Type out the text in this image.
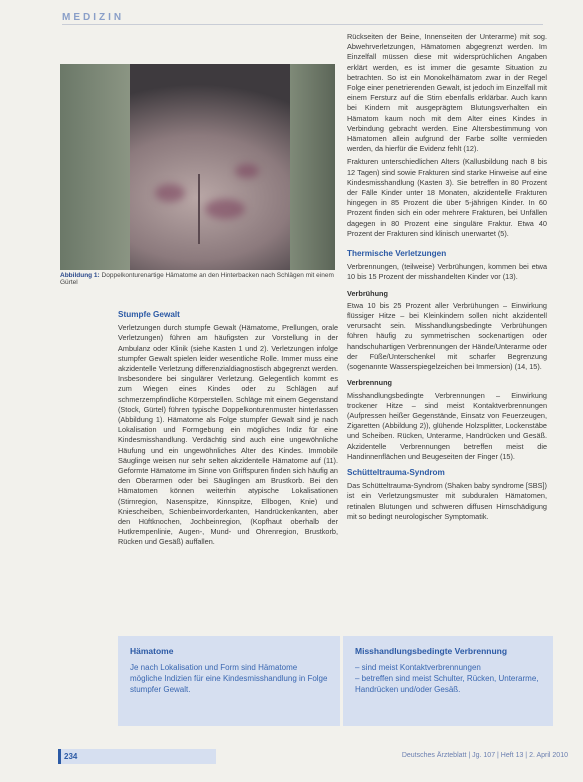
MEDIZIN
Abbildung 1: Doppelkonturenartige Hämatome an den Hinterbacken nach Schlägen mit einem Gürtel
Stumpfe Gewalt

Verletzungen durch stumpfe Gewalt (Hämatome, Prellungen, orale Verletzungen) führen am häufigsten zur Vorstellung in der Ambulanz oder Klinik (siehe Kasten 1 und 2). Verletzungen infolge stumpfer Gewalt spielen leider wesentliche Rolle. Immer muss eine akzidentelle Verletzung differenzialdiagnostisch abgegrenzt werden. Insbesondere bei singulärer Verletzung. Gelegentlich kommt es zum Wiegen eines Kindes oder zu Schlägen auf schmerzempfindliche Körperstellen. Schläge mit einem Gegenstand (Stock, Gürtel) führen typische Doppelkonturenmuster hinterlassen (Abbildung 1). Hämatome als Folge stumpfer Gewalt sind je nach Lokalisation und Formgebung ein mögliches Indiz für eine Kindesmisshandlung. Verdächtig sind auch eine ungewöhnliche Häufung und ein ungewöhnliches Alter des Kindes. Immobile Säuglinge weisen nur sehr selten akzidentelle Hämatome auf (11). Geformte Hämatome im Sinne von Griffspuren finden sich häufig an den Oberarmen oder bei Säuglingen am Brustkorb. Bei den Hämatomen können weiterhin atypische Lokalisationen (Stirnregion, Nasenspitze, Kinnspitze, Ellbogen, Knie) und Kniescheiben, Schienbeinvorderkanten, Handrückenkanten, aber den Hüftknochen, Jochbeinregion, (Kopfhaut oberhalb der Hutkrempenlinie, Augen-, Mund- und Ohrenregion, Brustkorb, Rücken und Gesäß) auffallen.

Rückseiten der Beine, Innenseiten der Unterarme) mit sog. Abwehrverletzungen, Hämatomen abgegrenzt werden. Im Einzelfall müssen diese mit widersprüchlichen Angaben erklärt werden, es ist immer die gesamte Situation zu betrachten. So ist ein Monokelhämatom zwar in der Regel Folge einer penetrierenden Gewalt, ist jedoch im Einzelfall mit einem Fersturz auf die Stirn ebenfalls erklärbar. Auch kann bei Kindern mit ausgeprägtem Blutungsverhalten ein Hämatom kaum noch mit dem Alter eines Kindes in Verbindung gebracht werden. Eine Altersbestimmung von Hämatomen allein aufgrund der Farbe sollte vermieden werden, da hierfür die Evidenz fehlt (12).

Frakturen unterschiedlichen Alters (Kallusbildung nach 8 bis 12 Tagen) sind sowie Frakturen sind starke Hinweise auf eine Kindesmisshandlung (Kasten 3). Sie betreffen in 80 Prozent der Fälle Kinder unter 18 Monaten, akzidentelle Frakturen hingegen in 85 Prozent die über 5-jährigen Kinder. In 60 Prozent finden sich ein oder mehrere Frakturen, bei Unfällen dagegen in 80 Prozent eine singuläre Fraktur. Etwa 40 Prozent der Frakturen sind klinisch unerwartet (5).

Thermische Verletzungen

Verbrennungen, (teilweise) Verbrühungen, kommen bei etwa 10 bis 15 Prozent der misshandelten Kinder vor (13).

Verbrühung

Etwa 10 bis 25 Prozent aller Verbrühungen – Einwirkung flüssiger Hitze – bei Kleinkindern sollen nicht akzidentell verursacht sein. Misshandlungsbedingte Verbrühungen führen häufig zu symmetrischen sockenartigen oder handschuhartigen Verbrennungen der Hände/Unterarme oder der Füße/Unterschenkel mit scharfer Begrenzung (sogenannte Wasserspiegelzeichen bei Immersion) (14, 15).

Verbrennung

Misshandlungsbedingte Verbrennungen – Einwirkung trockener Hitze – sind meist Kontaktverbrennungen (Aufpressen heißer Gegenstände, Einsatz von Feuerzeugen, Zigaretten (Abbildung 2)), glühende Holzsplitter, Lockenstäbe und Scheiben. Rücken, Unterarme, Handrücken und Gesäß. Akzidentelle Verbrennungen betreffen meist die Handinnenflächen und Beugeseiten der Finger (15).

Schütteltrauma-Syndrom

Das Schütteltrauma-Syndrom (Shaken baby syndrome [SBS]) ist ein Verletzungsmuster mit subduralen Hämatomen, retinalen Blutungen und schweren diffusen Hirnschädigung mit so bedingt neurologischer Symptomatik.

Hämatome
Je nach Lokalisation und Form sind Hämatome mögliche Indizien für eine Kindesmisshandlung in Folge stumpfer Gewalt.
Misshandlungsbedingte Verbrennung
– sind meist Kontaktverbrennungen
– betreffen sind meist Schulter, Rücken, Unterarme, Handrücken und/oder Gesäß.
234	Deutsches Ärzteblatt | Jg. 107 | Heft 13 | 2. April 2010
